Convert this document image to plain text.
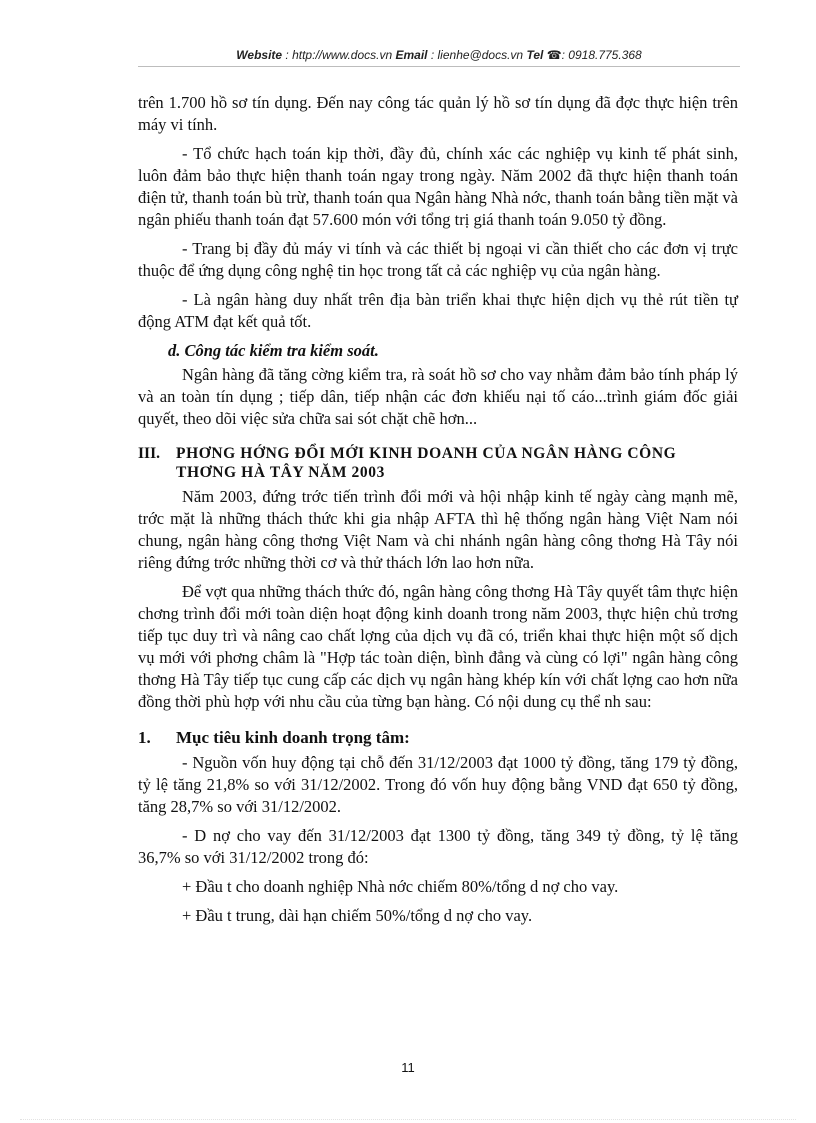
Website : http://www.docs.vn Email : lienhe@docs.vn Tel ☎: 0918.775.368

trên 1.700 hồ sơ tín dụng. Đến nay công tác quản lý hồ sơ tín dụng đã đợc thực hiện trên máy vi tính.

- Tổ chức hạch toán kịp thời, đầy đủ, chính xác các nghiệp vụ kinh tế phát sinh, luôn đảm bảo thực hiện thanh toán ngay trong ngày. Năm 2002 đã thực hiện thanh toán điện tử, thanh toán bù trừ, thanh toán qua Ngân hàng Nhà nớc, thanh toán bằng tiền mặt và ngân phiếu thanh toán đạt 57.600 món với tổng trị giá thanh toán 9.050 tỷ đồng.

- Trang bị đầy đủ máy vi tính và các thiết bị ngoại vi cần thiết cho các đơn vị trực thuộc để ứng dụng công nghệ tin học trong tất cả các nghiệp vụ của ngân hàng.

- Là ngân hàng duy nhất trên địa bàn triển khai thực hiện dịch vụ thẻ rút tiền tự động ATM đạt kết quả tốt.

d. Công tác kiểm tra kiểm soát.

Ngân hàng đã tăng cờng kiểm tra, rà soát hồ sơ cho vay nhằm đảm bảo tính pháp lý và an toàn tín dụng ; tiếp dân, tiếp nhận các đơn khiếu nại tố cáo...trình giám đốc giải quyết, theo dõi việc sửa chữa sai sót chặt chẽ hơn...

III.	PHƠNG HỚNG ĐỔI MỚI KINH DOANH CỦA NGÂN HÀNG CÔNG THƠNG HÀ TÂY NĂM 2003

Năm 2003, đứng trớc tiến trình đổi mới và hội nhập kinh tế ngày càng mạnh mẽ, trớc mặt là những thách thức khi gia nhập AFTA thì hệ thống ngân hàng Việt Nam nói chung, ngân hàng công thơng Việt Nam và chi nhánh ngân hàng công thơng Hà Tây nói riêng đứng trớc những thời cơ và thử thách lớn lao hơn nữa.

Để vợt qua những thách thức đó, ngân hàng công thơng Hà Tây quyết tâm thực hiện chơng trình đổi mới toàn diện hoạt động kinh doanh trong năm 2003, thực hiện chủ trơng tiếp tục duy trì và nâng cao chất lợng của dịch vụ đã có, triển khai thực hiện một số dịch vụ mới với phơng châm là "Hợp tác toàn diện, bình đẳng và cùng có lợi" ngân hàng công thơng Hà Tây tiếp tục cung cấp các dịch vụ ngân hàng khép kín với chất lợng cao hơn nữa đồng thời phù hợp với nhu cầu của từng bạn hàng. Có nội dung cụ thể nh sau:

1.	Mục tiêu kinh doanh trọng tâm:

- Nguồn vốn huy động tại chỗ đến 31/12/2003 đạt 1000 tỷ đồng, tăng 179 tỷ đồng, tỷ lệ tăng 21,8% so với 31/12/2002. Trong đó vốn huy động bằng VND đạt 650 tỷ đồng, tăng 28,7% so với 31/12/2002.

- D nợ cho vay đến 31/12/2003 đạt 1300 tỷ đồng, tăng 349 tỷ đồng, tỷ lệ tăng 36,7% so với 31/12/2002 trong đó:

+ Đầu t cho doanh nghiệp Nhà nớc chiếm 80%/tổng d nợ cho vay.

+ Đầu t trung, dài hạn chiếm 50%/tổng d nợ cho vay.

11
